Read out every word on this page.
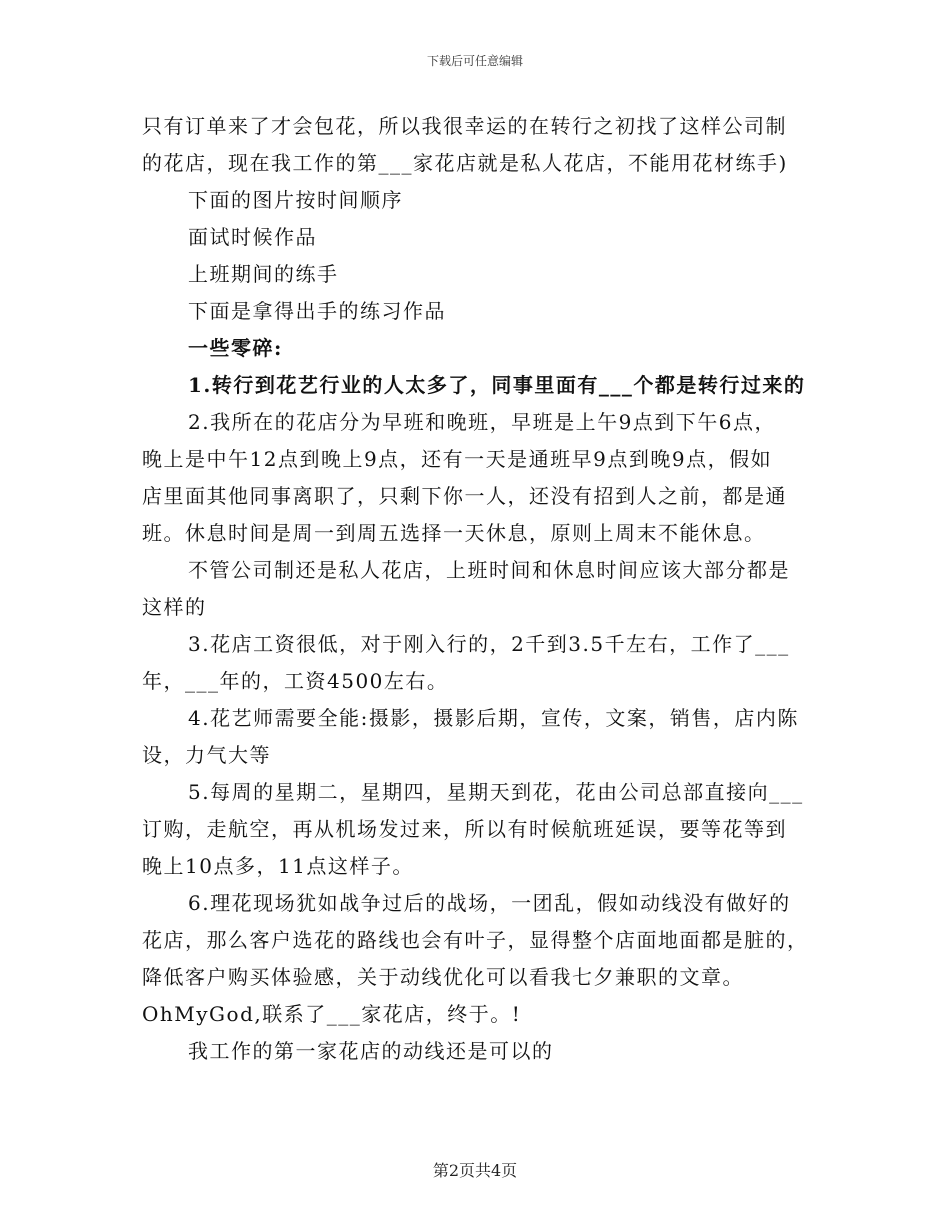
下载后可任意编辑
只有订单来了才会包花，所以我很幸运的在转行之初找了这样公司制
的花店，现在我工作的第___家花店就是私人花店，不能用花材练手)
下面的图片按时间顺序
面试时候作品
上班期间的练手
下面是拿得出手的练习作品
一些零碎:
1.转行到花艺行业的人太多了，同事里面有___个都是转行过来的
2.我所在的花店分为早班和晚班，早班是上午9点到下午6点，
晚上是中午12点到晚上9点，还有一天是通班早9点到晚9点，假如
店里面其他同事离职了，只剩下你一人，还没有招到人之前，都是通
班。休息时间是周一到周五选择一天休息，原则上周末不能休息。
不管公司制还是私人花店，上班时间和休息时间应该大部分都是
这样的
3.花店工资很低，对于刚入行的，2千到3.5千左右，工作了___
年，___年的，工资4500左右。
4.花艺师需要全能:摄影，摄影后期，宣传，文案，销售，店内陈
设，力气大等
5.每周的星期二，星期四，星期天到花，花由公司总部直接向___
订购，走航空，再从机场发过来，所以有时候航班延误，要等花等到
晚上10点多，11点这样子。
6.理花现场犹如战争过后的战场，一团乱，假如动线没有做好的
花店，那么客户选花的路线也会有叶子，显得整个店面地面都是脏的，
降低客户购买体验感，关于动线优化可以看我七夕兼职的文章。
OhMyGod,联系了___家花店，终于。!
我工作的第一家花店的动线还是可以的
第2页共4页
